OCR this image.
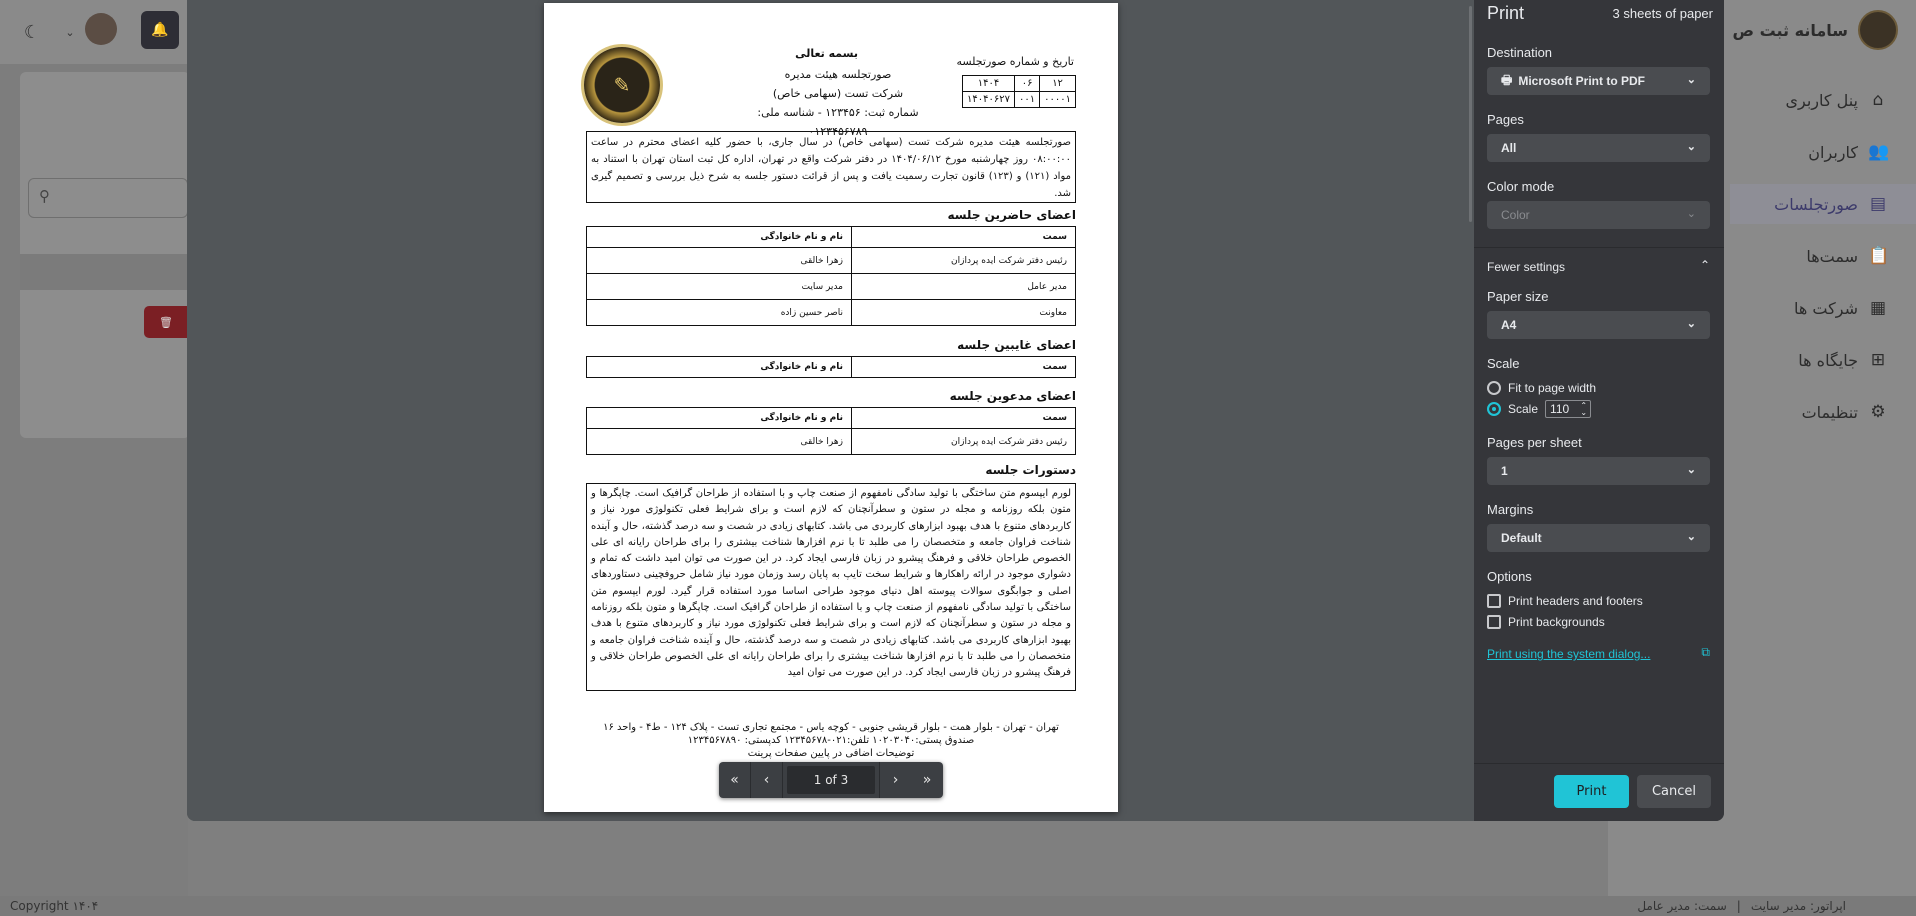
☾	⌄	🔔
⚲
🗑
سامانه ثبت ص
⌂
پنل کاربری
👥
کاربران
▤
صورتجلسات
📋
سمت‌ها
▦
شرکت ها
⊞
جایگاه ها
⚙
تنظیمات
Copyright ۱۴۰۴	سمت: مدیر عامل | اپراتور: مدیر سایت
✎
بسمه تعالی
صورتجلسه هیئت مدیره
شرکت تست (سهامی خاص)
شماره ثبت: ۱۲۳۴۵۶ - شناسه ملی: ۰۱۲۳۴۵۶۷۸۹
تاریخ و شماره صورتجلسه
۱۲	۰۶	۱۴۰۴
۰۰۰۰۱	۰۰۱	۱۴۰۴۰۶۲۷
صورتجلسه هیئت مدیره شرکت تست (سهامی خاص) در سال جاری، با حضور کلیه اعضای محترم در ساعت ۰۸:۰۰:۰۰ روز چهارشنبه مورخ ۱۴۰۴/۰۶/۱۲ در دفتر شرکت واقع در تهران، اداره کل ثبت استان تهران با استناد به مواد (۱۲۱) و (۱۲۳) قانون تجارت رسمیت یافت و پس از قرائت دستور جلسه به شرح ذیل بررسی و تصمیم گیری شد.
اعضای حاضرین جلسه
سمت	نام و نام خانوادگی
رئیس دفتر شرکت ایده پردازان	زهرا خالقی
مدیر عامل	مدیر سایت
معاونت	ناصر حسین زاده
اعضای غایبین جلسه
سمت	نام و نام خانوادگی
اعضای مدعوین جلسه
سمت	نام و نام خانوادگی
رئیس دفتر شرکت ایده پردازان	زهرا خالقی
دستورات جلسه
لورم ایپسوم متن ساختگی با تولید سادگی نامفهوم از صنعت چاپ و با استفاده از طراحان گرافیک است. چاپگرها و متون بلکه روزنامه و مجله در ستون و سطرآنچنان که لازم است و برای شرایط فعلی تکنولوژی مورد نیاز و کاربردهای متنوع با هدف بهبود ابزارهای کاربردی می باشد. کتابهای زیادی در شصت و سه درصد گذشته، حال و آینده شناخت فراوان جامعه و متخصصان را می طلبد تا با نرم افزارها شناخت بیشتری را برای طراحان رایانه ای علی الخصوص طراحان خلاقی و فرهنگ پیشرو در زبان فارسی ایجاد کرد. در این صورت می توان امید داشت که تمام و دشواری موجود در ارائه راهکارها و شرایط سخت تایپ به پایان رسد وزمان مورد نیاز شامل حروفچینی دستاوردهای اصلی و جوابگوی سوالات پیوسته اهل دنیای موجود طراحی اساسا مورد استفاده قرار گیرد. لورم ایپسوم متن ساختگی با تولید سادگی نامفهوم از صنعت چاپ و با استفاده از طراحان گرافیک است. چاپگرها و متون بلکه روزنامه و مجله در ستون و سطرآنچنان که لازم است و برای شرایط فعلی تکنولوژی مورد نیاز و کاربردهای متنوع با هدف بهبود ابزارهای کاربردی می باشد. کتابهای زیادی در شصت و سه درصد گذشته، حال و آینده شناخت فراوان جامعه و متخصصان را می طلبد تا با نرم افزارها شناخت بیشتری را برای طراحان رایانه ای علی الخصوص طراحان خلاقی و فرهنگ پیشرو در زبان فارسی ایجاد کرد. در این صورت می توان امید
تهران - تهران - بلوار همت - بلوار قریشی جنوبی - کوچه یاس - مجتمع تجاری تست - پلاک ۱۲۴ - ط۴ - واحد ۱۶
صندوق پستی:۱۰۲۰۳۰۴۰ تلفن:۰۲۱-۱۲۳۴۵۶۷۸ کدپستی: ۱۲۳۴۵۶۷۸۹۰
توضیحات اضافی در پایین صفحات پرینت
«	‹	1 of 3	›	»
Print	3 sheets of paper
Destination
🖶 Microsoft Print to PDF	⌄
Pages
All	⌄
Color mode
Color	⌄
Fewer settings	⌃
Paper size
A4	⌄
Scale
Fit to page width
Scale 110 ⌃
⌄
Pages per sheet
1	⌄
Margins
Default	⌄
Options
Print headers and footers
Print backgrounds
Print using the system dialog...	⧉
Print	Cancel
